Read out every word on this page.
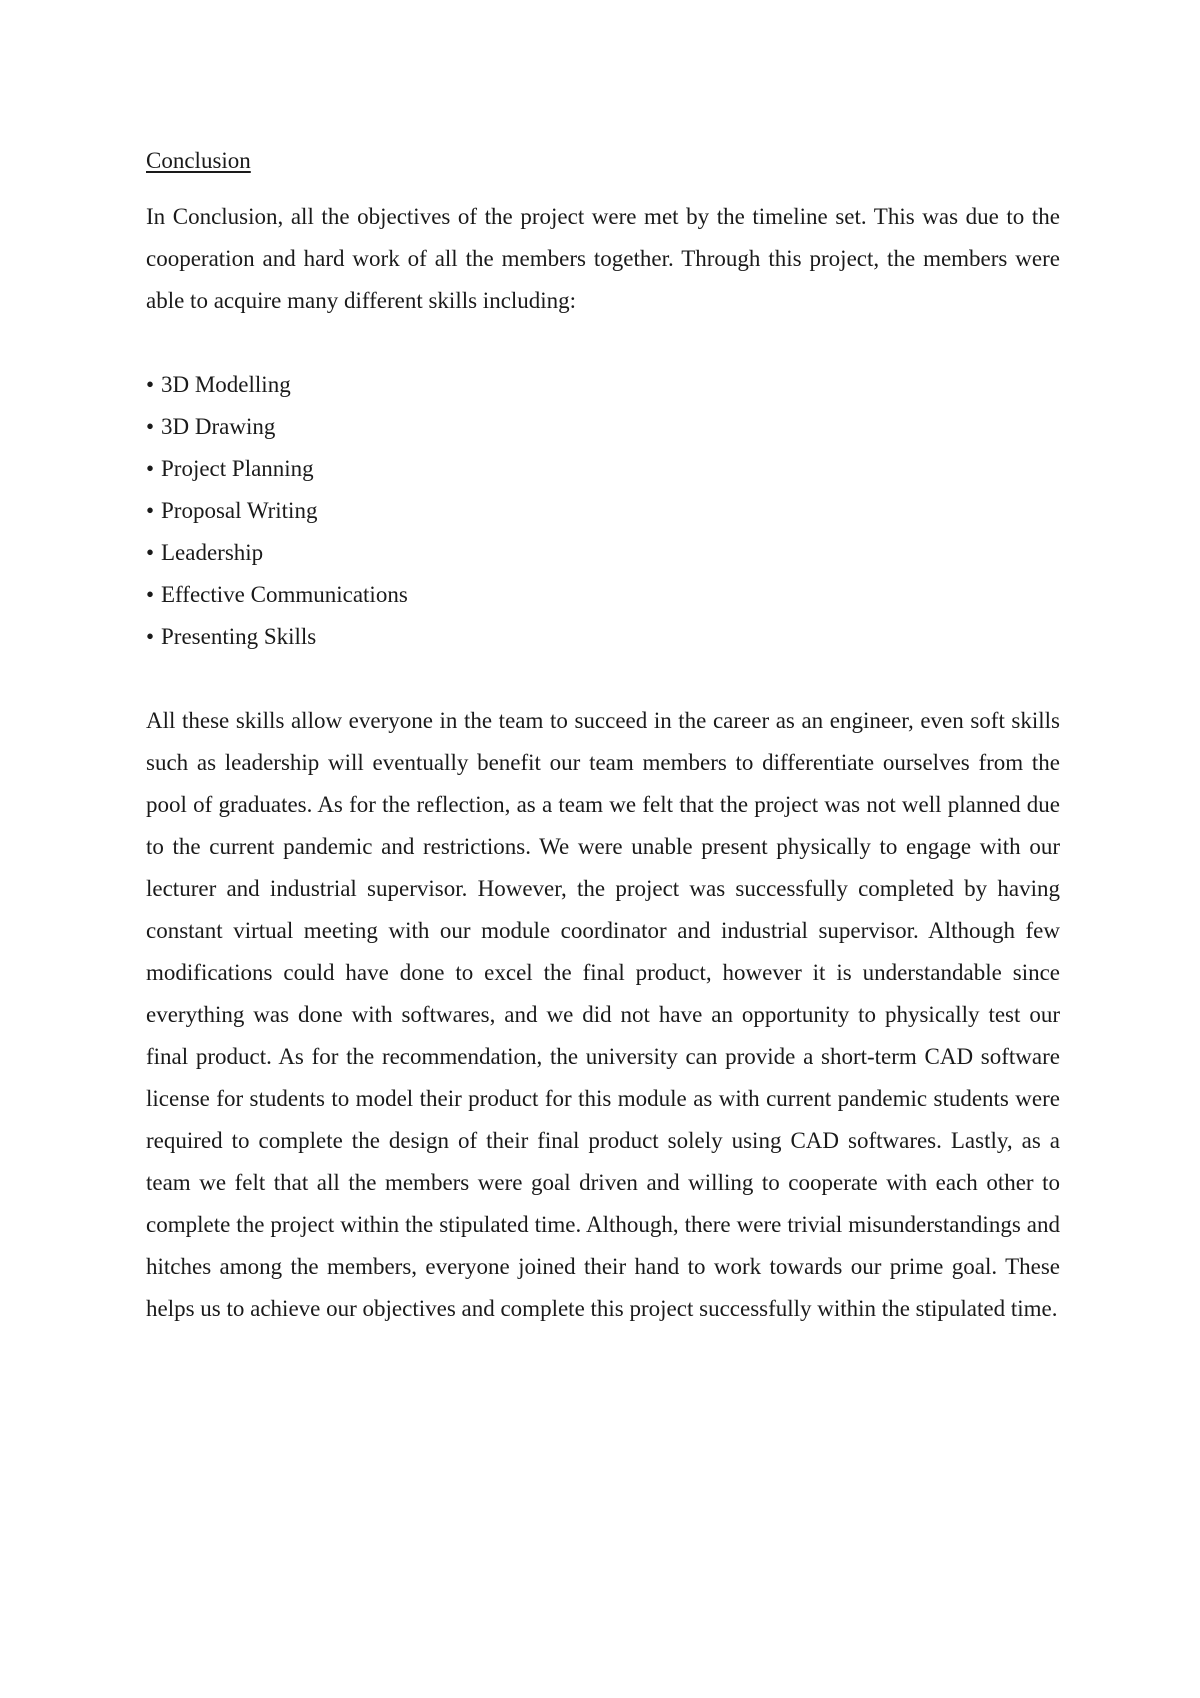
Conclusion

In Conclusion, all the objectives of the project were met by the timeline set. This was due to the cooperation and hard work of all the members together. Through this project, the members were able to acquire many different skills including:

• 3D Modelling
• 3D Drawing
• Project Planning
• Proposal Writing
• Leadership
• Effective Communications
• Presenting Skills

All these skills allow everyone in the team to succeed in the career as an engineer, even soft skills such as leadership will eventually benefit our team members to differentiate ourselves from the pool of graduates. As for the reflection, as a team we felt that the project was not well planned due to the current pandemic and restrictions. We were unable present physically to engage with our lecturer and industrial supervisor. However, the project was successfully completed by having constant virtual meeting with our module coordinator and industrial supervisor. Although few modifications could have done to excel the final product, however it is understandable since everything was done with softwares, and we did not have an opportunity to physically test our final product. As for the recommendation, the university can provide a short-term CAD software license for students to model their product for this module as with current pandemic students were required to complete the design of their final product solely using CAD softwares. Lastly, as a team we felt that all the members were goal driven and willing to cooperate with each other to complete the project within the stipulated time. Although, there were trivial misunderstandings and hitches among the members, everyone joined their hand to work towards our prime goal. These helps us to achieve our objectives and complete this project successfully within the stipulated time.
